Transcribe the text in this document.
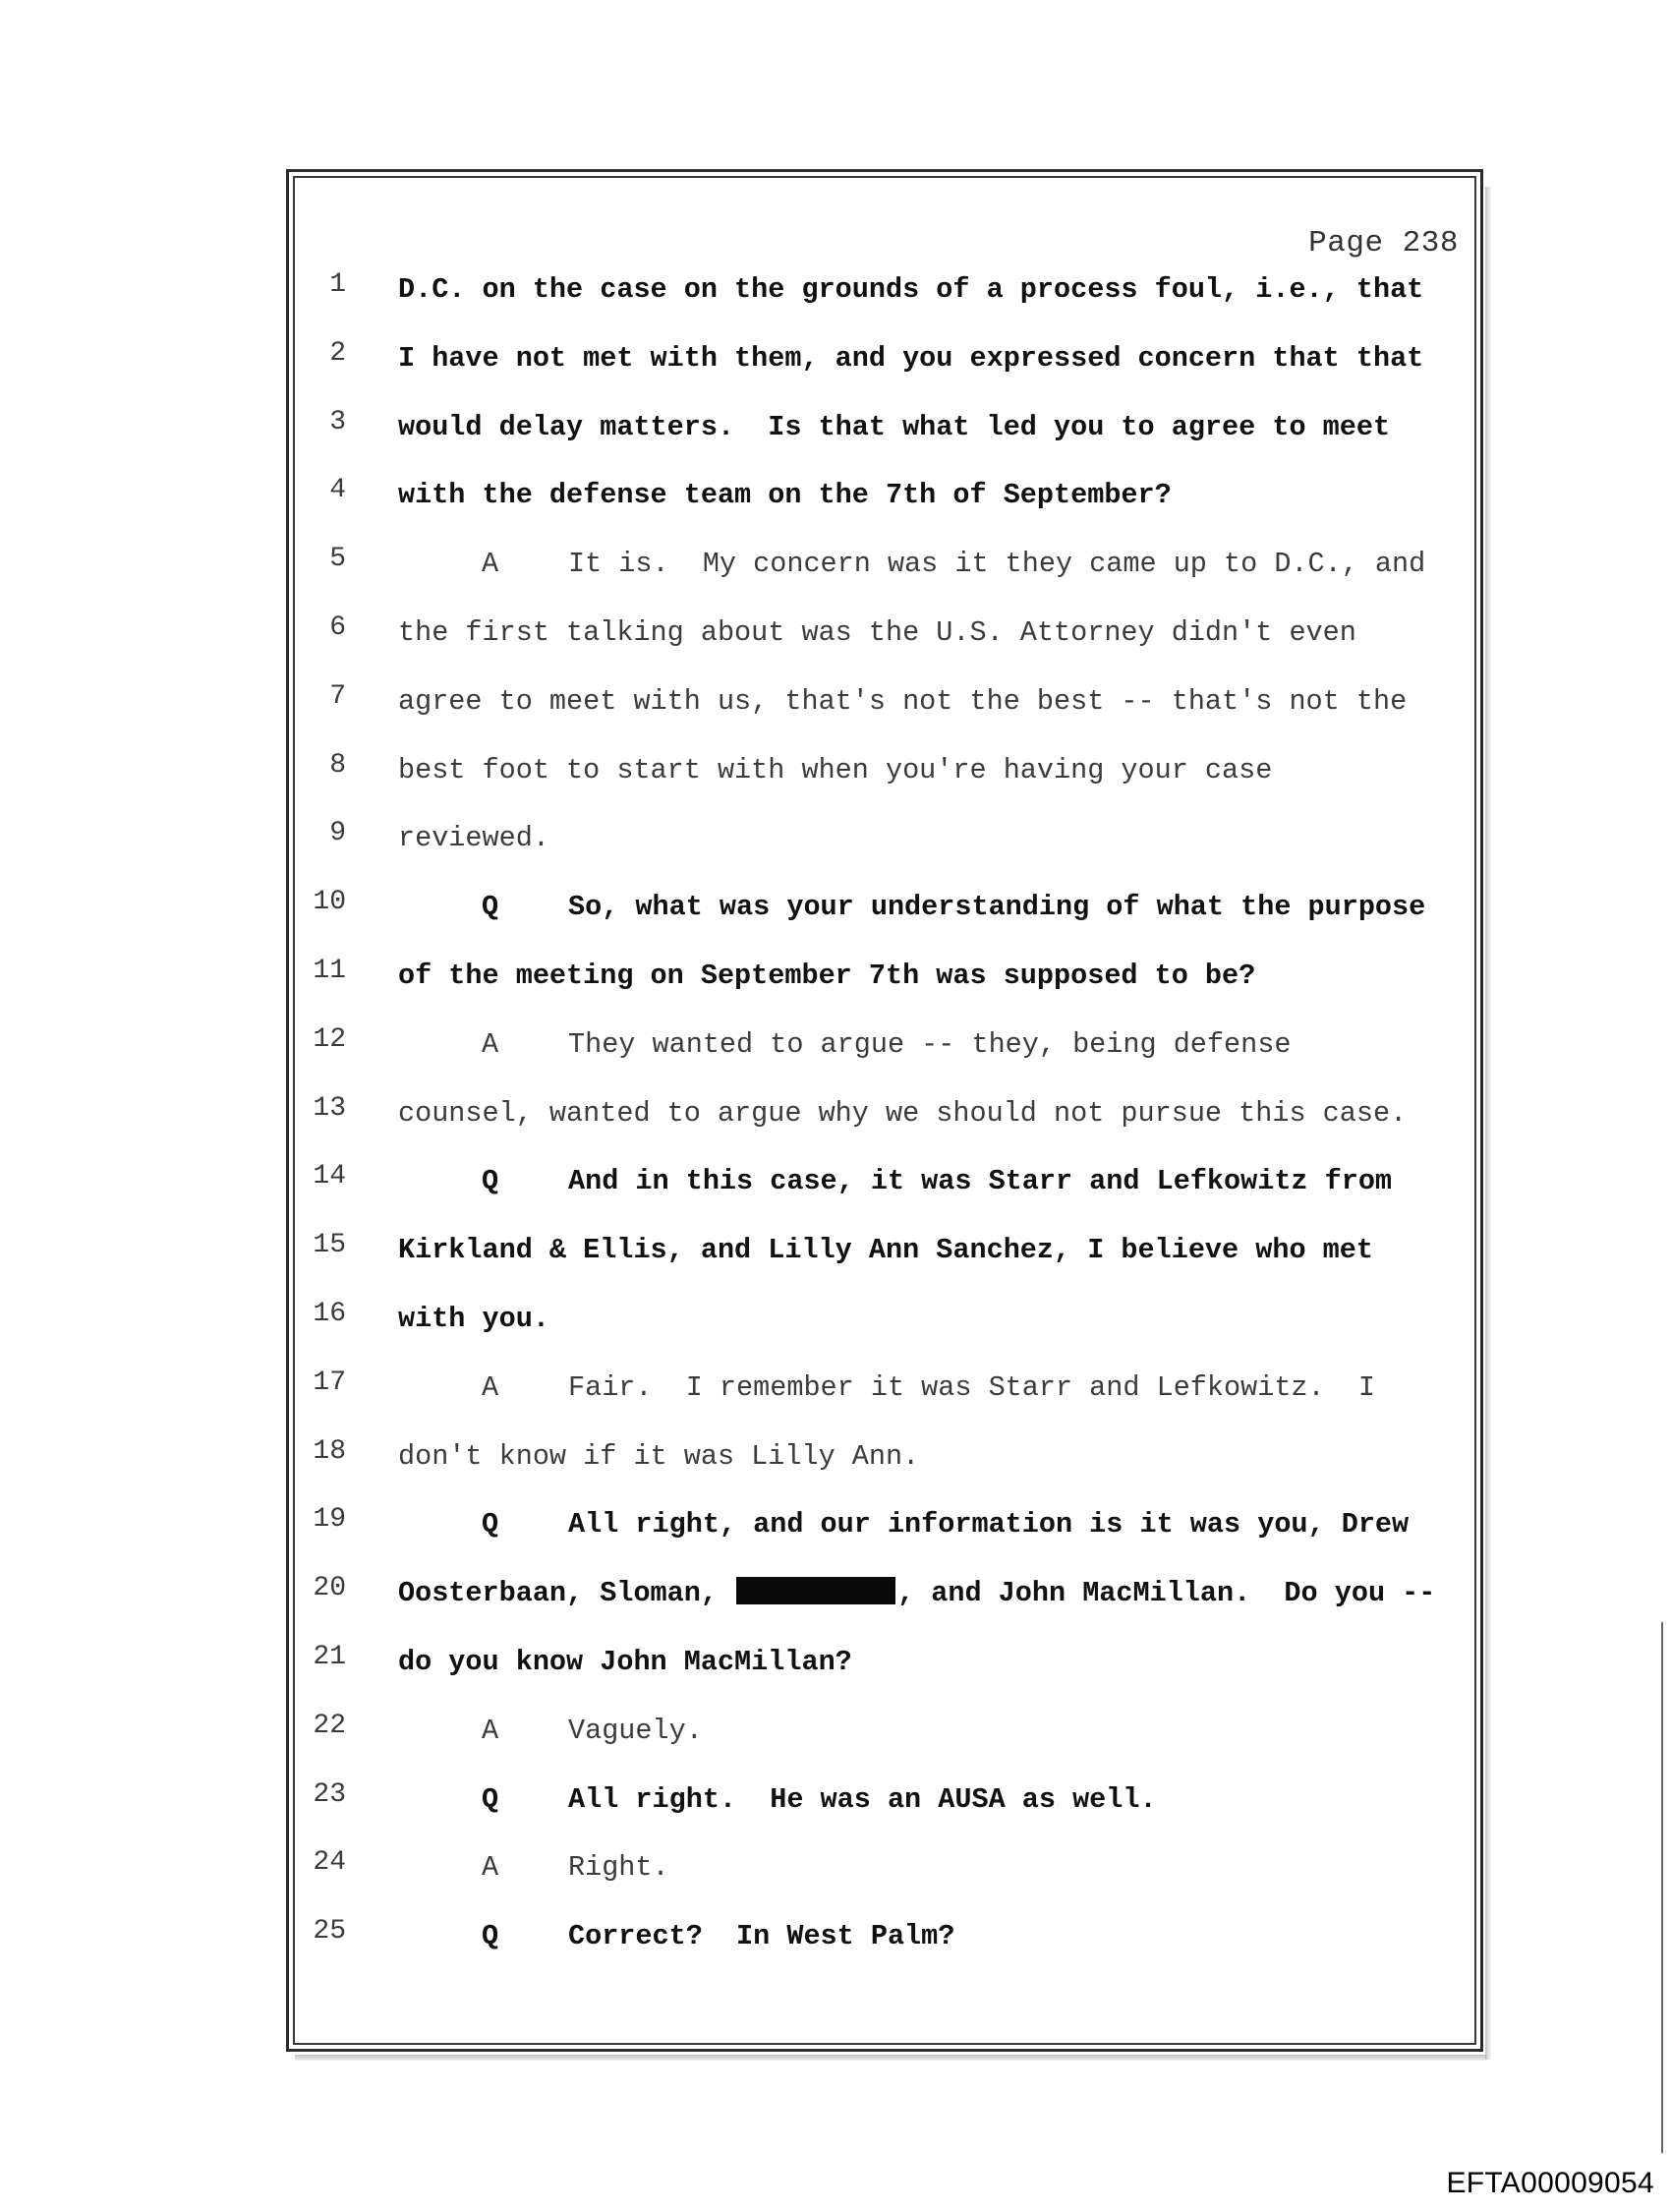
Page 238
1 D.C. on the case on the grounds of a process foul, i.e., that
2 I have not met with them, and you expressed concern that that
3 would delay matters.  Is that what led you to agree to meet
4 with the defense team on the 7th of September?
5	A It is.  My concern was it they came up to D.C., and
6 the first talking about was the U.S. Attorney didn't even
7 agree to meet with us, that's not the best -- that's not the
8 best foot to start with when you're having your case
9 reviewed.
10	Q So, what was your understanding of what the purpose
11 of the meeting on September 7th was supposed to be?
12	A They wanted to argue -- they, being defense
13 counsel, wanted to argue why we should not pursue this case.
14	Q And in this case, it was Starr and Lefkowitz from
15 Kirkland & Ellis, and Lilly Ann Sanchez, I believe who met
16 with you.
17	A Fair.  I remember it was Starr and Lefkowitz.  I
18 don't know if it was Lilly Ann.
19	Q All right, and our information is it was you, Drew
20 Oosterbaan, Sloman,	, and John MacMillan.  Do you --
21 do you know John MacMillan?
22	A Vaguely.
23	Q All right.  He was an AUSA as well.
24	A Right.
25	Q Correct?  In West Palm?
EFTA00009054
